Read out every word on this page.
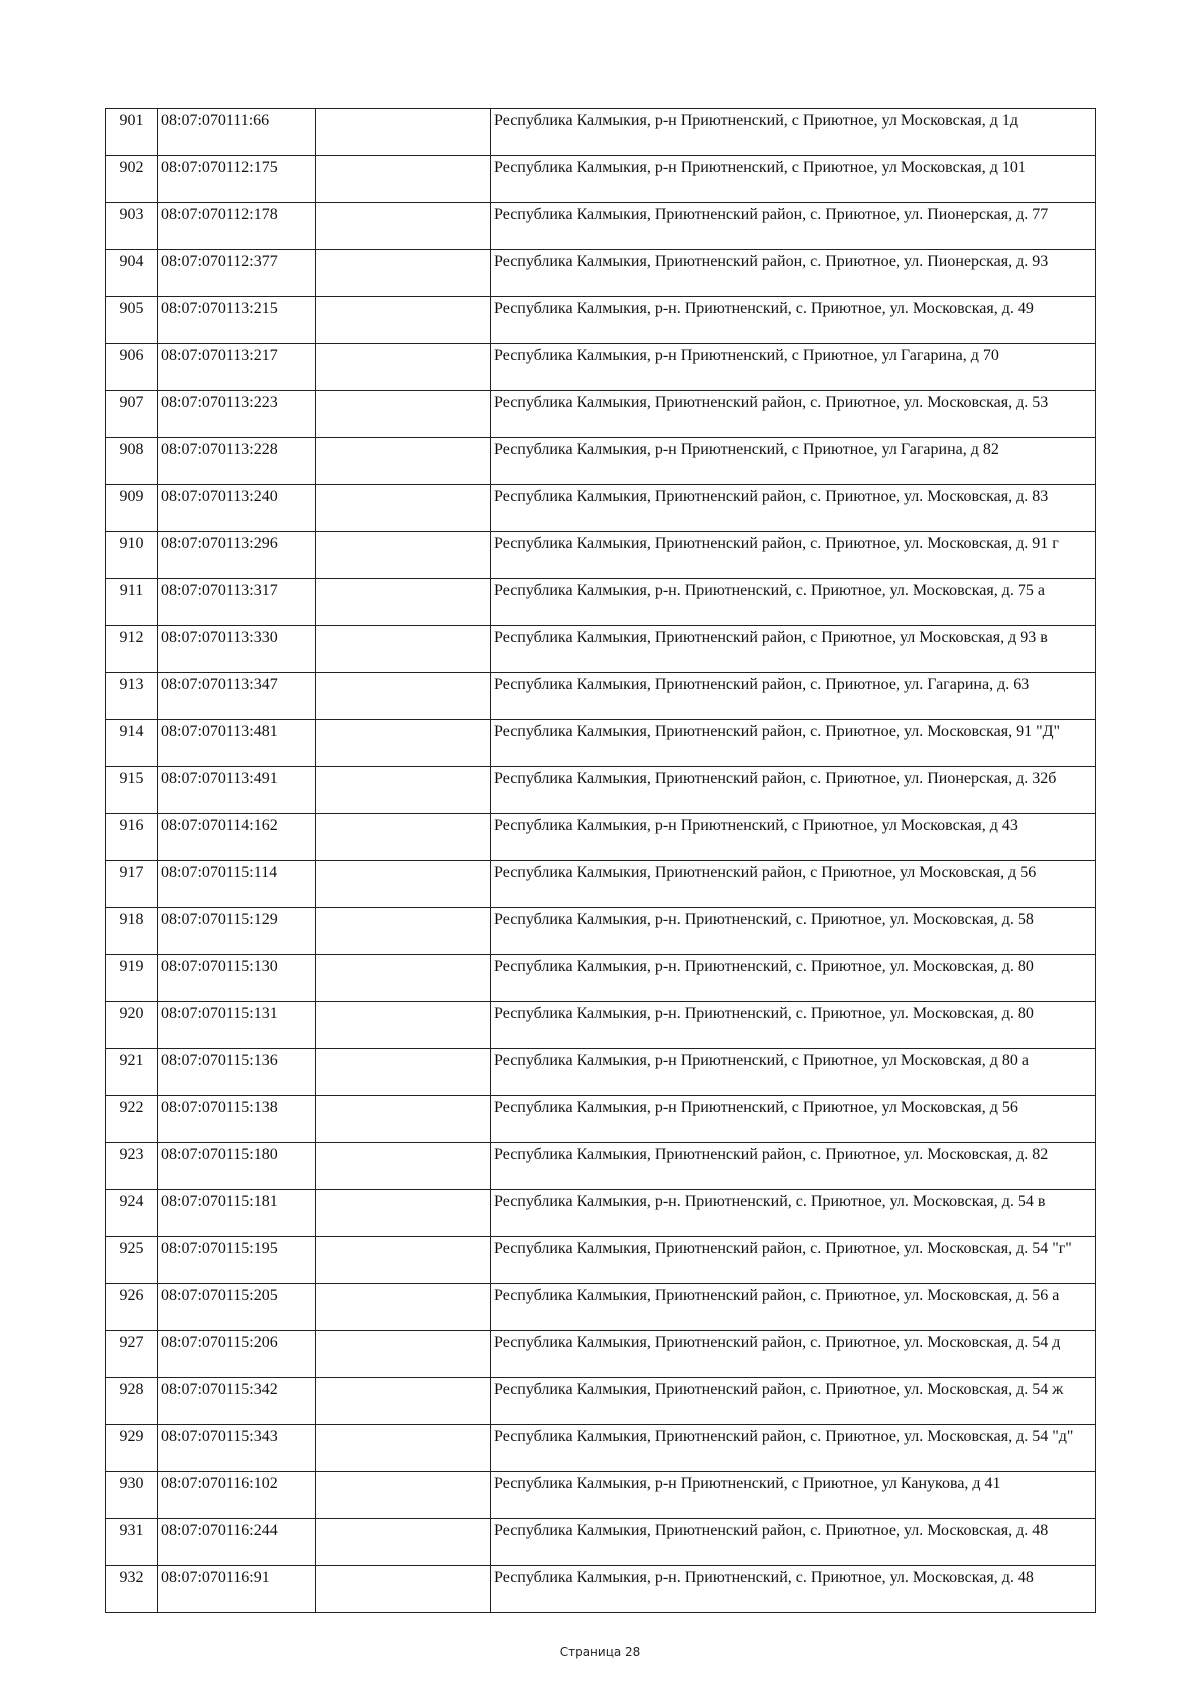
901	08:07:070111:66		Республика Калмыкия, р-н Приютненский, с Приютное, ул Московская, д 1д
902	08:07:070112:175		Республика Калмыкия, р-н Приютненский, с Приютное, ул Московская, д 101
903	08:07:070112:178		Республика Калмыкия, Приютненский район, с. Приютное, ул. Пионерская, д. 77
904	08:07:070112:377		Республика Калмыкия, Приютненский район, с. Приютное, ул. Пионерская, д. 93
905	08:07:070113:215		Республика Калмыкия, р-н. Приютненский, с. Приютное, ул. Московская, д. 49
906	08:07:070113:217		Республика Калмыкия, р-н Приютненский, с Приютное, ул Гагарина, д 70
907	08:07:070113:223		Республика Калмыкия, Приютненский район, с. Приютное, ул. Московская, д. 53
908	08:07:070113:228		Республика Калмыкия, р-н Приютненский, с Приютное, ул Гагарина, д 82
909	08:07:070113:240		Республика Калмыкия, Приютненский район, с. Приютное, ул. Московская, д. 83
910	08:07:070113:296		Республика Калмыкия, Приютненский район, с. Приютное, ул. Московская, д. 91 г
911	08:07:070113:317		Республика Калмыкия, р-н. Приютненский, с. Приютное, ул. Московская, д. 75 а
912	08:07:070113:330		Республика Калмыкия, Приютненский район, с Приютное, ул Московская, д 93 в
913	08:07:070113:347		Республика Калмыкия, Приютненский район, с. Приютное, ул. Гагарина, д. 63
914	08:07:070113:481		Республика Калмыкия, Приютненский район, с. Приютное, ул. Московская, 91 "Д"
915	08:07:070113:491		Республика Калмыкия, Приютненский район, с. Приютное, ул. Пионерская, д. 32б
916	08:07:070114:162		Республика Калмыкия, р-н Приютненский, с Приютное, ул Московская, д 43
917	08:07:070115:114		Республика Калмыкия, Приютненский район, с Приютное, ул Московская, д 56
918	08:07:070115:129		Республика Калмыкия, р-н. Приютненский, с. Приютное, ул. Московская, д. 58
919	08:07:070115:130		Республика Калмыкия, р-н. Приютненский, с. Приютное, ул. Московская, д. 80
920	08:07:070115:131		Республика Калмыкия, р-н. Приютненский, с. Приютное, ул. Московская, д. 80
921	08:07:070115:136		Республика Калмыкия, р-н Приютненский, с Приютное, ул Московская, д 80 а
922	08:07:070115:138		Республика Калмыкия, р-н Приютненский, с Приютное, ул Московская, д 56
923	08:07:070115:180		Республика Калмыкия, Приютненский район, с. Приютное, ул. Московская, д. 82
924	08:07:070115:181		Республика Калмыкия, р-н. Приютненский, с. Приютное, ул. Московская, д. 54 в
925	08:07:070115:195		Республика Калмыкия, Приютненский район, с. Приютное, ул. Московская, д. 54 "г"
926	08:07:070115:205		Республика Калмыкия, Приютненский район, с. Приютное, ул. Московская, д. 56 а
927	08:07:070115:206		Республика Калмыкия, Приютненский район, с. Приютное, ул. Московская, д. 54 д
928	08:07:070115:342		Республика Калмыкия, Приютненский район, с. Приютное, ул. Московская, д. 54 ж
929	08:07:070115:343		Республика Калмыкия, Приютненский район, с. Приютное, ул. Московская, д. 54 "д"
930	08:07:070116:102		Республика Калмыкия, р-н Приютненский, с Приютное, ул Канукова, д 41
931	08:07:070116:244		Республика Калмыкия, Приютненский район, с. Приютное, ул. Московская, д. 48
932	08:07:070116:91		Республика Калмыкия, р-н. Приютненский, с. Приютное, ул. Московская, д. 48
Страница 28
